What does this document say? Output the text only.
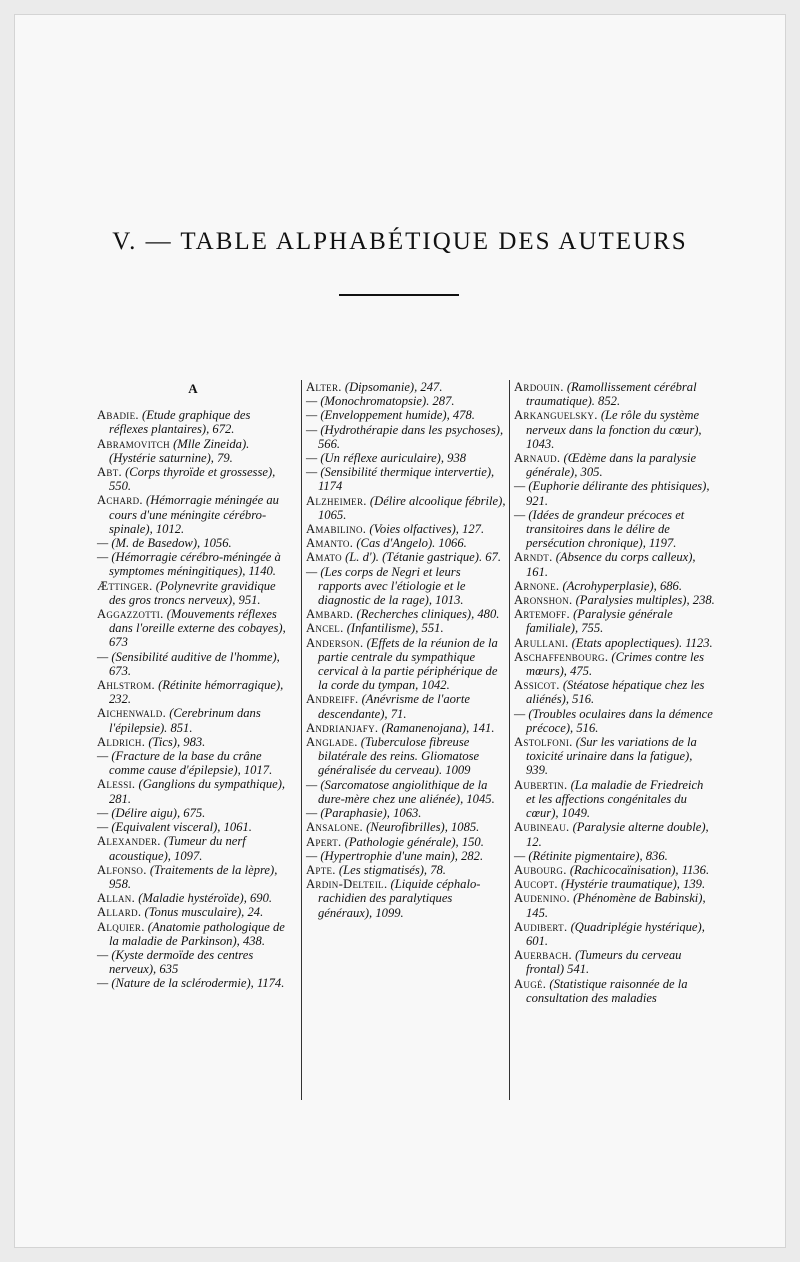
V. — TABLE ALPHABÉTIQUE DES AUTEURS
A

Abadie. (Etude graphique des réflexes plantaires), 672.

Abramovitch (Mlle Zineida). (Hystérie saturnine), 79.

Abt. (Corps thyroïde et grossesse), 550.

Achard. (Hémorragie méningée au cours d'une méningite cérébro-spinale), 1012.

— (M. de Basedow), 1056.

— (Hémorragie cérébro-méningée à symptomes méningitiques), 1140.

Ættinger. (Polynevrite gravidique des gros troncs nerveux), 951.

Aggazzotti. (Mouvements réflexes dans l'oreille externe des cobayes), 673

— (Sensibilité auditive de l'homme), 673.

Ahlstrom. (Rétinite hémorragique), 232.

Aichenwald. (Cerebrinum dans l'épilepsie). 851.

Aldrich. (Tics), 983.

— (Fracture de la base du crâne comme cause d'épilepsie), 1017.

Alessi. (Ganglions du sympathique), 281.

— (Délire aigu), 675.

— (Equivalent visceral), 1061.

Alexander. (Tumeur du nerf acoustique), 1097.

Alfonso. (Traitements de la lèpre), 958.

Allan. (Maladie hystéroïde), 690.

Allard. (Tonus musculaire), 24.

Alquier. (Anatomie pathologique de la maladie de Parkinson), 438.

— (Kyste dermoïde des centres nerveux), 635

— (Nature de la sclérodermie), 1174.

Alter. (Dipsomanie), 247.

— (Monochromatopsie). 287.

— (Enveloppement humide), 478.

— (Hydrothérapie dans les psychoses), 566.

— (Un réflexe auriculaire), 938

— (Sensibilité thermique intervertie), 1174

Alzheimer. (Délire alcoolique fébrile), 1065.

Amabilino. (Voies olfactives), 127.

Amanto. (Cas d'Angelo). 1066.

Amato (L. d'). (Tétanie gastrique). 67.

— (Les corps de Negri et leurs rapports avec l'étiologie et le diagnostic de la rage), 1013.

Ambard. (Recherches cliniques), 480.

Ancel. (Infantilisme), 551.

Anderson. (Effets de la réunion de la partie centrale du sympathique cervical à la partie périphérique de la corde du tympan, 1042.

Andreiff. (Anévrisme de l'aorte descendante), 71.

Andrianjafy. (Ramanenojana), 141.

Anglade. (Tuberculose fibreuse bilatérale des reins. Gliomatose généralisée du cerveau). 1009

— (Sarcomatose angiolithique de la dure-mère chez une aliénée), 1045.

— (Paraphasie), 1063.

Ansalone. (Neurofibrilles), 1085.

Apert. (Pathologie générale), 150.

— (Hypertrophie d'une main), 282.

Apte. (Les stigmatisés), 78.

Ardin-Delteil. (Liquide céphalo-rachidien des paralytiques généraux), 1099.

Ardouin. (Ramollissement cérébral traumatique). 852.

Arkanguelsky. (Le rôle du système nerveux dans la fonction du cœur), 1043.

Arnaud. (Œdème dans la paralysie générale), 305.

— (Euphorie délirante des phtisiques), 921.

— (Idées de grandeur précoces et transitoires dans le délire de persécution chronique), 1197.

Arndt. (Absence du corps calleux), 161.

Arnone. (Acrohyperplasie), 686.

Aronshon. (Paralysies multiples), 238.

Artemoff. (Paralysie générale familiale), 755.

Arullani. (Etats apoplectiques). 1123.

Aschaffenbourg. (Crimes contre les mœurs), 475.

Assicot. (Stéatose hépatique chez les aliénés), 516.

— (Troubles oculaires dans la démence précoce), 516.

Astolfoni. (Sur les variations de la toxicité urinaire dans la fatigue), 939.

Aubertin. (La maladie de Friedreich et les affections congénitales du cœur), 1049.

Aubineau. (Paralysie alterne double), 12.

— (Rétinite pigmentaire), 836.

Aubourg. (Rachicocaïnisation), 1136.

Aucopt. (Hystérie traumatique), 139.

Audenino. (Phénomène de Babinski), 145.

Audibert. (Quadriplégie hystérique), 601.

Auerbach. (Tumeurs du cerveau frontal) 541.

Augé. (Statistique raisonnée de la consultation des maladies
